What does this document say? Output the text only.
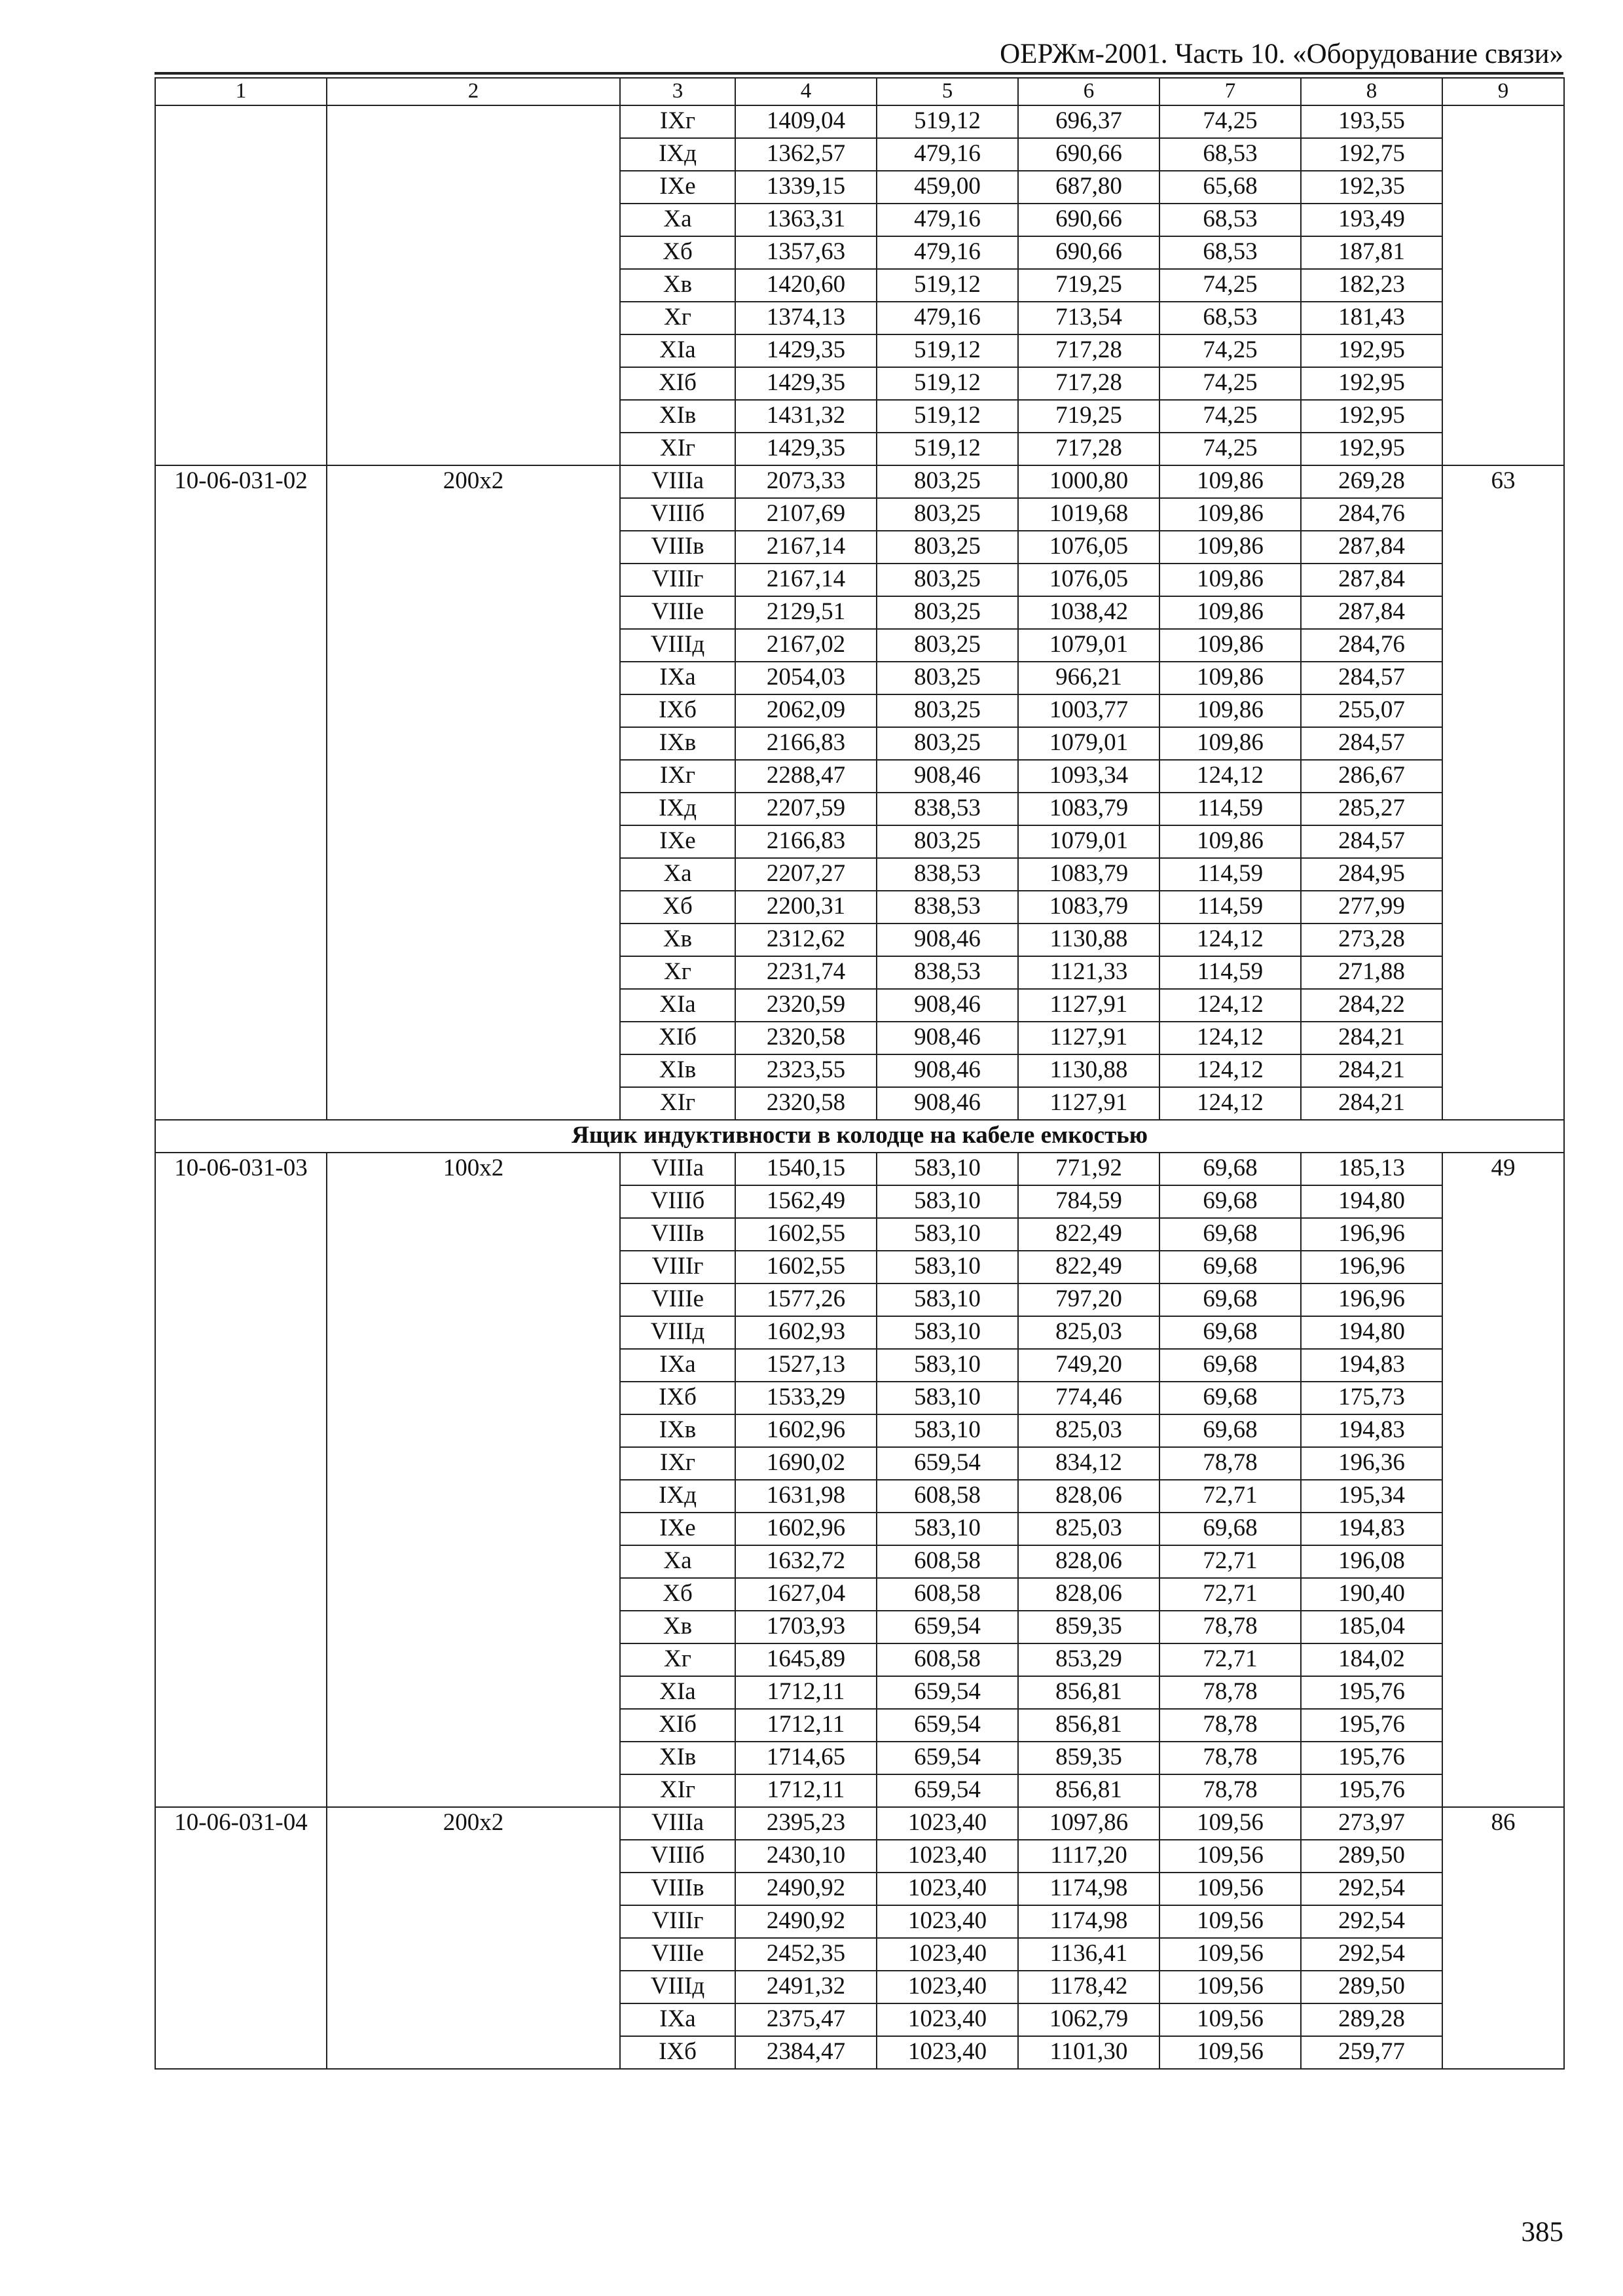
ОЕРЖм-2001. Часть 10. «Оборудование связи»
1	2	3	4	5	6	7	8	9
		IXг	1409,04	519,12	696,37	74,25	193,55	
		IXд	1362,57	479,16	690,66	68,53	192,75	
		IXе	1339,15	459,00	687,80	65,68	192,35	
		Xа	1363,31	479,16	690,66	68,53	193,49	
		Xб	1357,63	479,16	690,66	68,53	187,81	
		Xв	1420,60	519,12	719,25	74,25	182,23	
		Xг	1374,13	479,16	713,54	68,53	181,43	
		XIа	1429,35	519,12	717,28	74,25	192,95	
		XIб	1429,35	519,12	717,28	74,25	192,95	
		XIв	1431,32	519,12	719,25	74,25	192,95	
		XIг	1429,35	519,12	717,28	74,25	192,95	
10-06-031-02	200х2	VIIIа	2073,33	803,25	1000,80	109,86	269,28	63
		VIIIб	2107,69	803,25	1019,68	109,86	284,76	
		VIIIв	2167,14	803,25	1076,05	109,86	287,84	
		VIIIг	2167,14	803,25	1076,05	109,86	287,84	
		VIIIе	2129,51	803,25	1038,42	109,86	287,84	
		VIIIд	2167,02	803,25	1079,01	109,86	284,76	
		IXа	2054,03	803,25	966,21	109,86	284,57	
		IXб	2062,09	803,25	1003,77	109,86	255,07	
		IXв	2166,83	803,25	1079,01	109,86	284,57	
		IXг	2288,47	908,46	1093,34	124,12	286,67	
		IXд	2207,59	838,53	1083,79	114,59	285,27	
		IXе	2166,83	803,25	1079,01	109,86	284,57	
		Xа	2207,27	838,53	1083,79	114,59	284,95	
		Xб	2200,31	838,53	1083,79	114,59	277,99	
		Xв	2312,62	908,46	1130,88	124,12	273,28	
		Xг	2231,74	838,53	1121,33	114,59	271,88	
		XIа	2320,59	908,46	1127,91	124,12	284,22	
		XIб	2320,58	908,46	1127,91	124,12	284,21	
		XIв	2323,55	908,46	1130,88	124,12	284,21	
		XIг	2320,58	908,46	1127,91	124,12	284,21	
Ящик индуктивности в колодце на кабеле емкостью								
10-06-031-03	100х2	VIIIа	1540,15	583,10	771,92	69,68	185,13	49
		VIIIб	1562,49	583,10	784,59	69,68	194,80	
		VIIIв	1602,55	583,10	822,49	69,68	196,96	
		VIIIг	1602,55	583,10	822,49	69,68	196,96	
		VIIIе	1577,26	583,10	797,20	69,68	196,96	
		VIIIд	1602,93	583,10	825,03	69,68	194,80	
		IXа	1527,13	583,10	749,20	69,68	194,83	
		IXб	1533,29	583,10	774,46	69,68	175,73	
		IXв	1602,96	583,10	825,03	69,68	194,83	
		IXг	1690,02	659,54	834,12	78,78	196,36	
		IXд	1631,98	608,58	828,06	72,71	195,34	
		IXе	1602,96	583,10	825,03	69,68	194,83	
		Xа	1632,72	608,58	828,06	72,71	196,08	
		Xб	1627,04	608,58	828,06	72,71	190,40	
		Xв	1703,93	659,54	859,35	78,78	185,04	
		Xг	1645,89	608,58	853,29	72,71	184,02	
		XIа	1712,11	659,54	856,81	78,78	195,76	
		XIб	1712,11	659,54	856,81	78,78	195,76	
		XIв	1714,65	659,54	859,35	78,78	195,76	
		XIг	1712,11	659,54	856,81	78,78	195,76	
10-06-031-04	200х2	VIIIа	2395,23	1023,40	1097,86	109,56	273,97	86
		VIIIб	2430,10	1023,40	1117,20	109,56	289,50	
		VIIIв	2490,92	1023,40	1174,98	109,56	292,54	
		VIIIг	2490,92	1023,40	1174,98	109,56	292,54	
		VIIIе	2452,35	1023,40	1136,41	109,56	292,54	
		VIIIд	2491,32	1023,40	1178,42	109,56	289,50	
		IXа	2375,47	1023,40	1062,79	109,56	289,28	
		IXб	2384,47	1023,40	1101,30	109,56	259,77	
385
